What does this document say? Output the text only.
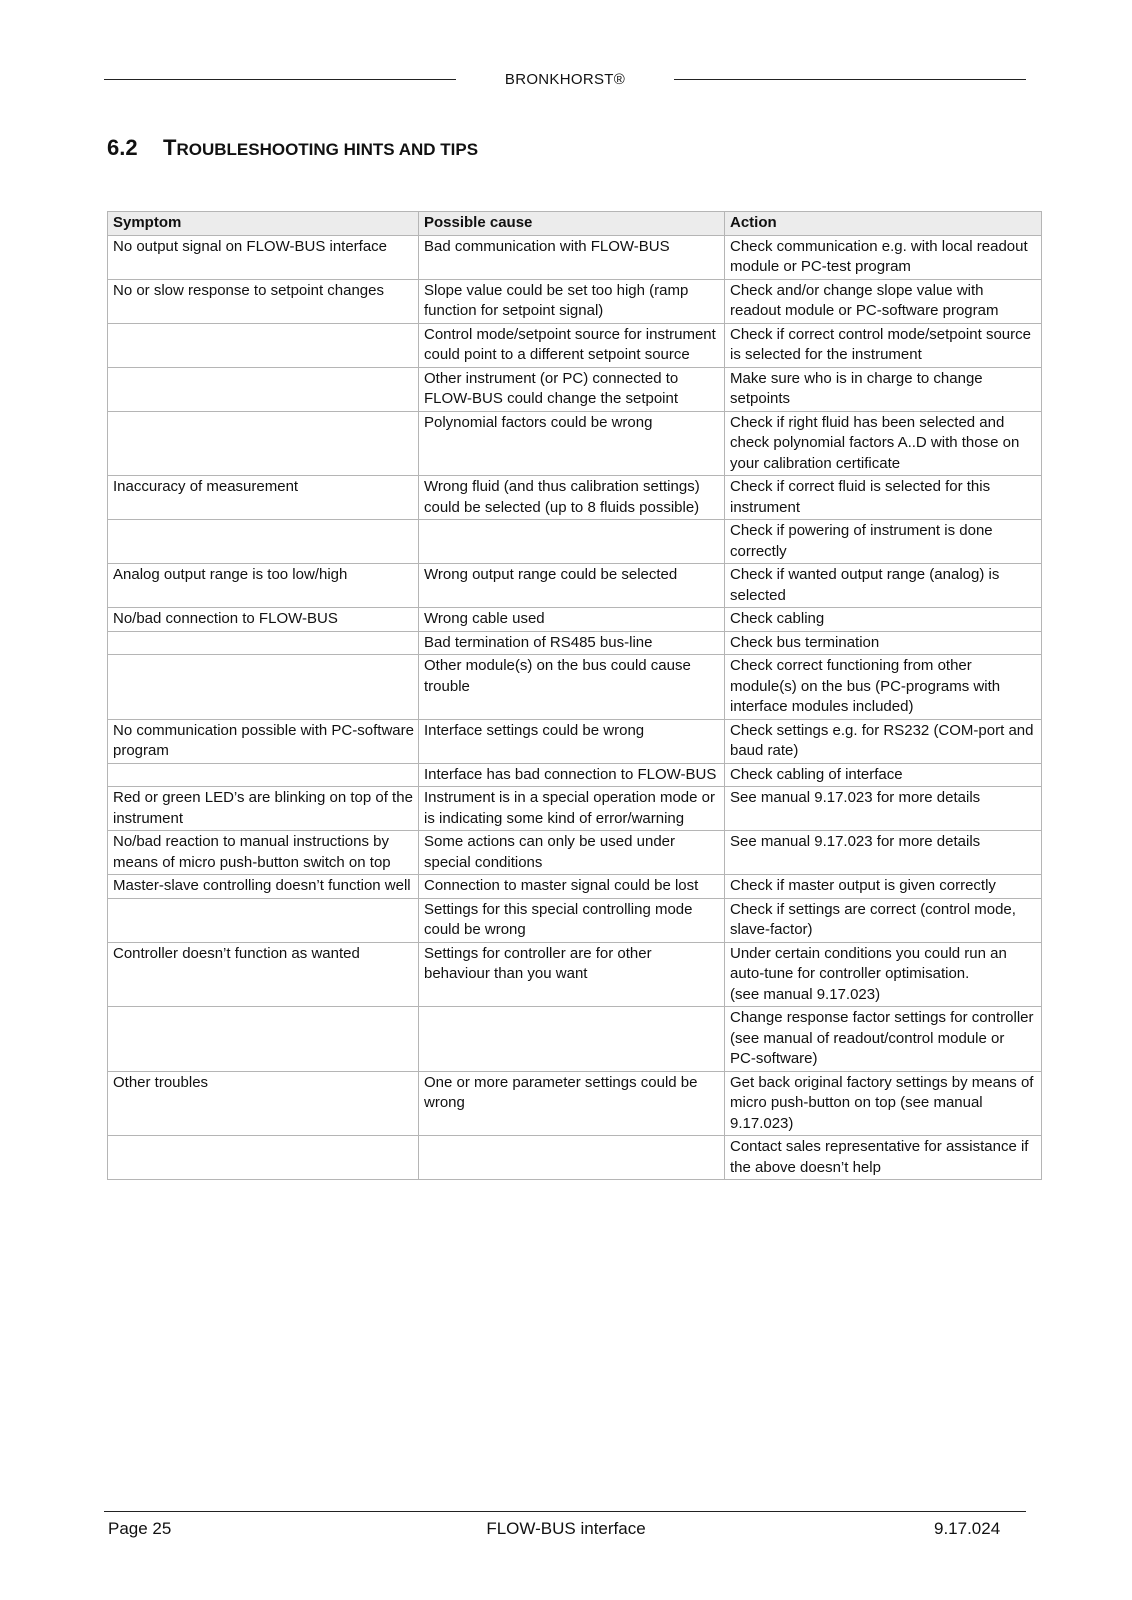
BRONKHORST®
6.2	T ROUBLESHOOTING HINTS AND TIPS
Symptom	Possible cause	Action
No output signal on FLOW-BUS interface	Bad communication with FLOW-BUS	Check communication e.g. with local readout module or PC-test program
No or slow response to setpoint changes	Slope value could be set too high (ramp function for setpoint signal)	Check and/or change slope value with readout module or PC-software program
	Control mode/setpoint source for instrument could point to a different setpoint source	Check if correct control mode/setpoint source is selected for the instrument
	Other instrument (or PC) connected to FLOW-BUS could change the setpoint	Make sure who is in charge to change setpoints
	Polynomial factors could be wrong	Check if right fluid has been selected and check polynomial factors A..D with those on your calibration certificate
Inaccuracy of measurement	Wrong fluid (and thus calibration settings) could be selected (up to 8 fluids possible)	Check if correct fluid is selected for this instrument
		Check if powering of instrument is done correctly
Analog output range is too low/high	Wrong output range could be selected	Check if wanted output range (analog) is selected
No/bad connection to FLOW-BUS	Wrong cable used	Check cabling

	Bad termination of RS485 bus-line	Check bus termination
	Other module(s) on the bus could cause trouble	Check correct functioning from other module(s) on the bus (PC-programs with interface modules included)
No communication possible with PC-software program	Interface settings could be wrong	Check settings e.g. for RS232 (COM-port and baud rate)
	Interface has bad connection to FLOW-BUS	Check cabling of interface
Red or green LED’s are blinking on top of the instrument	Instrument is in a special operation mode or is indicating some kind of error/warning	See manual 9.17.023 for more details
No/bad reaction to manual instructions by means of micro push-button switch on top	Some actions can only be used under special conditions	See manual 9.17.023 for more details
Master-slave controlling doesn’t function well	Connection to master signal could be lost	Check if master output is given correctly
	Settings for this special controlling mode could be wrong	Check if settings are correct (control mode, slave-factor)
Controller doesn’t function as wanted	Settings for controller are for other behaviour than you want	Under certain conditions you could run an auto-tune for controller optimisation.
(see manual 9.17.023)
		Change response factor settings for controller (see manual of readout/control module or
PC-software)
Other troubles	One or more parameter settings could be wrong	Get back original factory settings by means of micro push-button on top (see manual 9.17.023)
		Contact sales representative for assistance if the above doesn’t help
Page 25	FLOW-BUS interface	9.17.024
